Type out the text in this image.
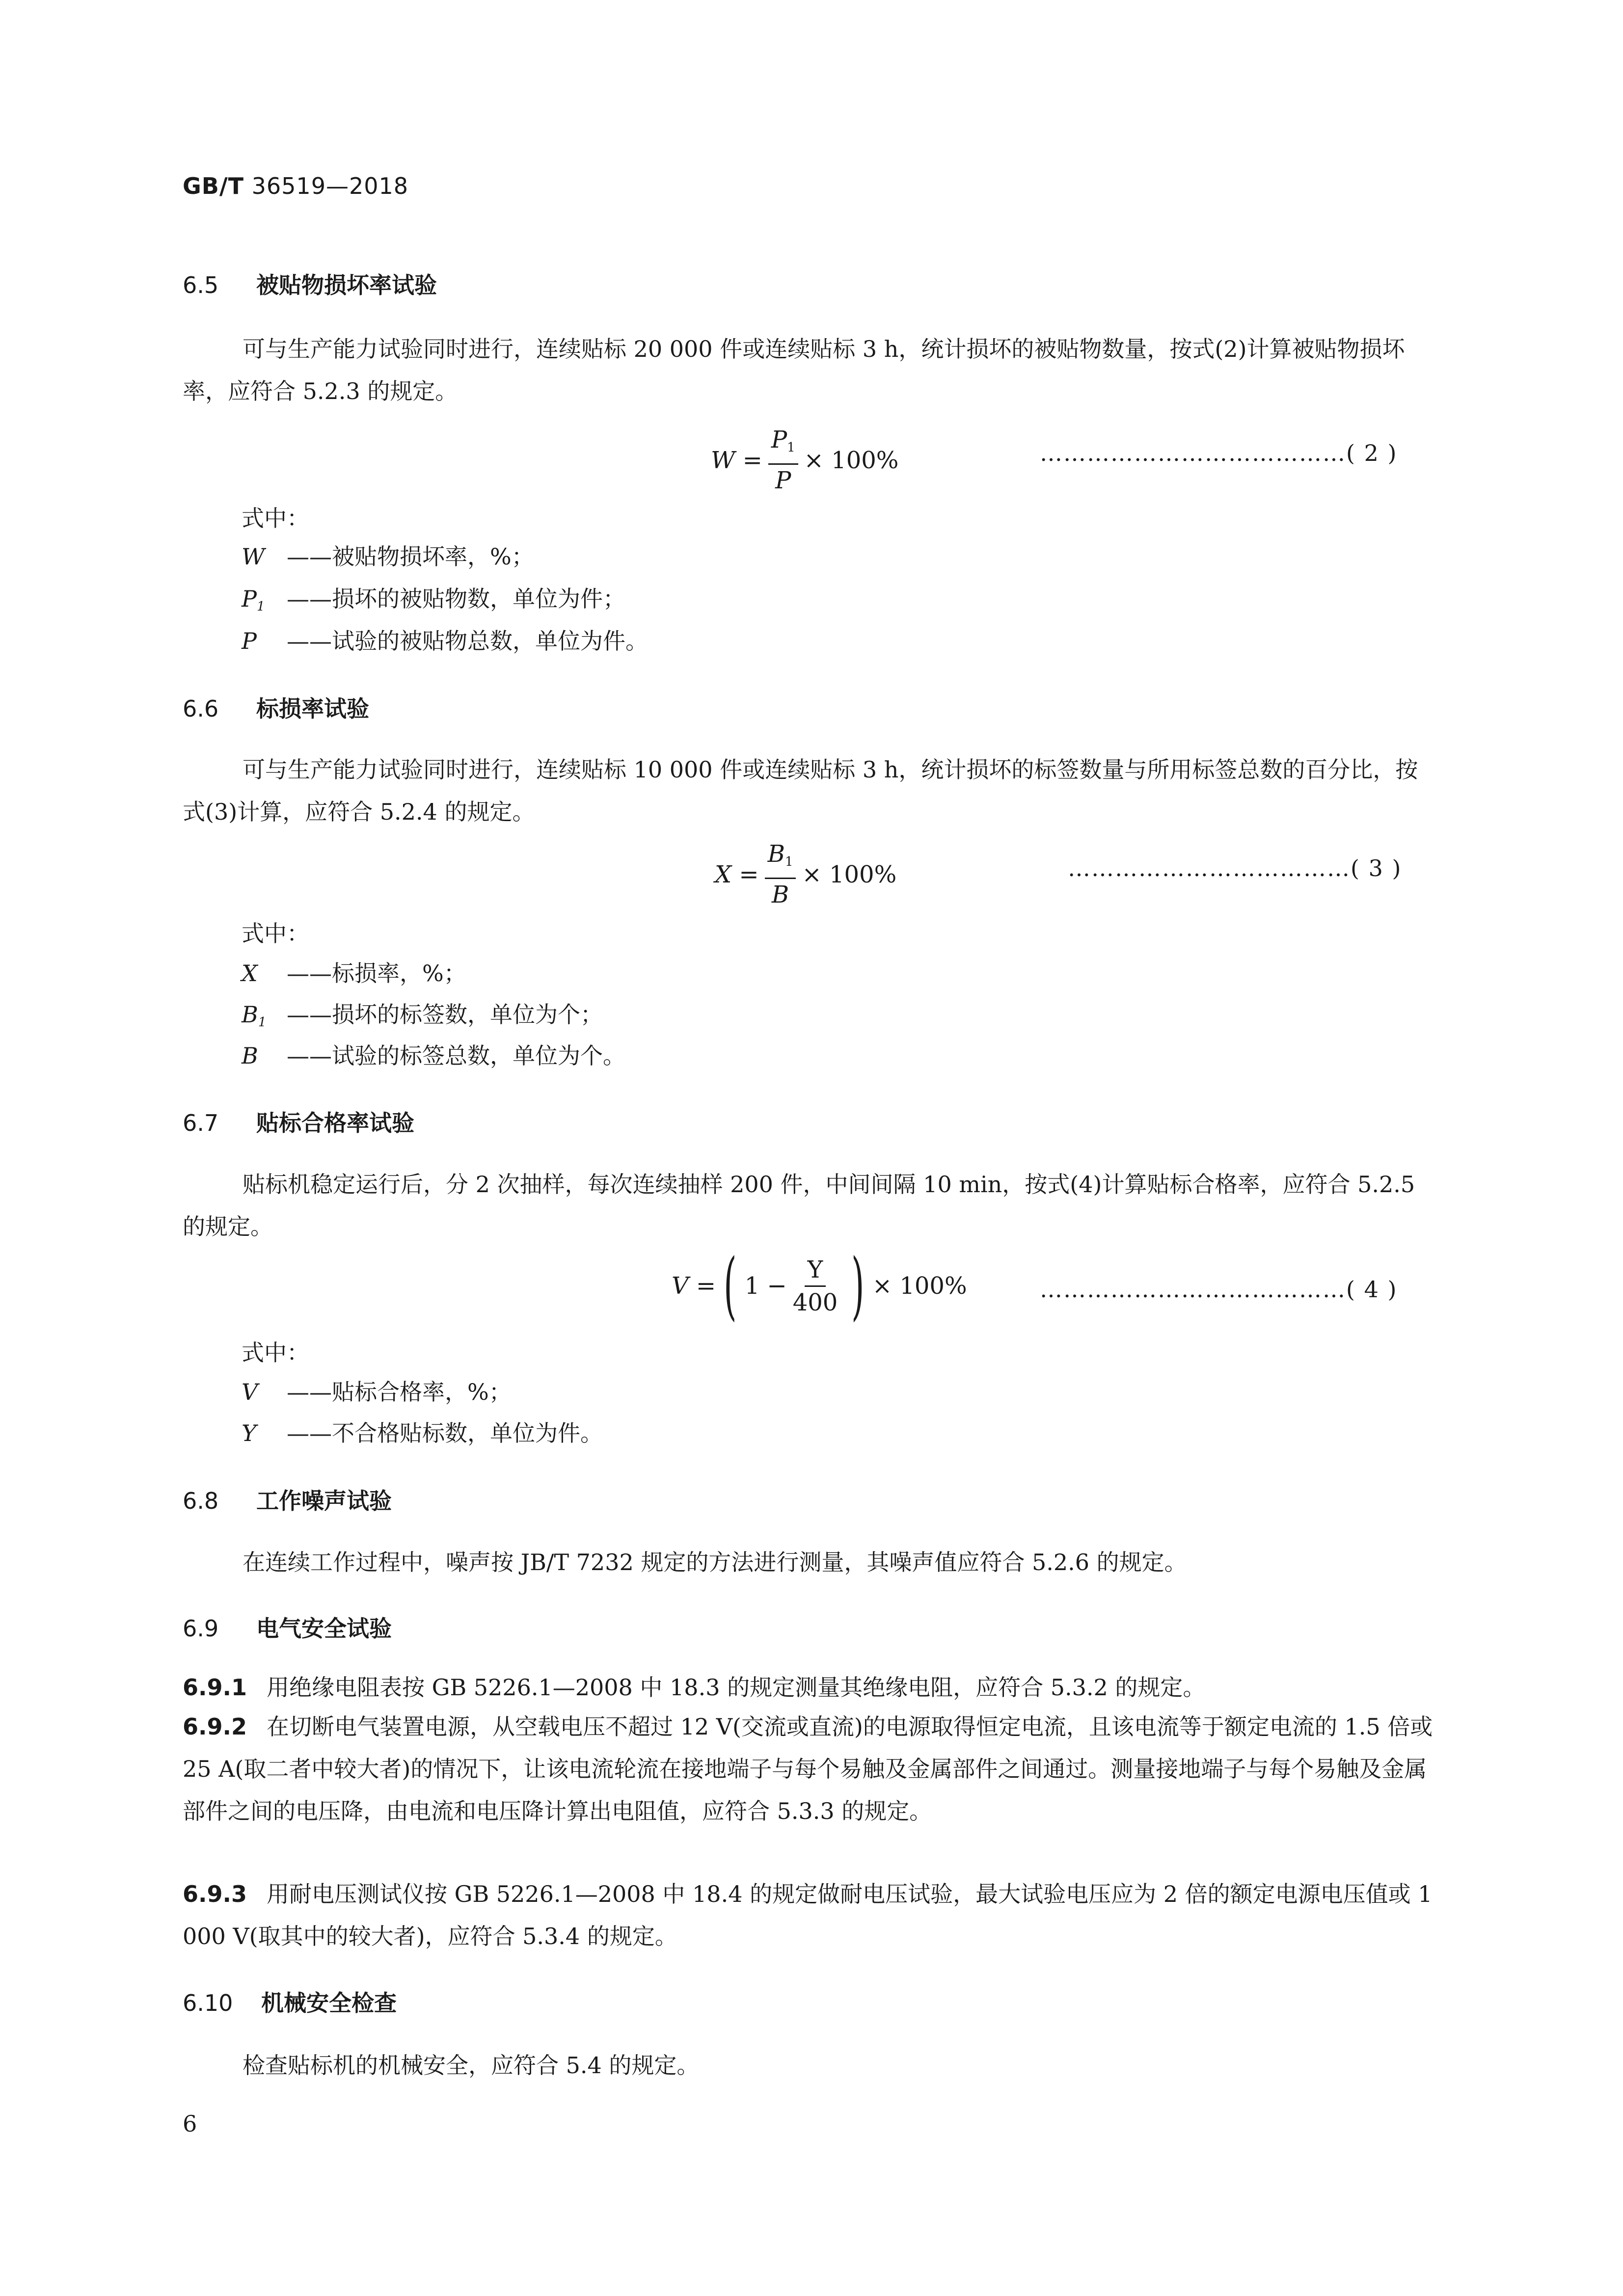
GB/T 36519—2018
6.5 被贴物损坏率试验

可与生产能力试验同时进行，连续贴标 20 000 件或连续贴标 3 h，统计损坏的被贴物数量，按式(2)计算被贴物损坏率，应符合 5.2.3 的规定。

$W = \frac{P_1}{P} \times 100\%$	…………………………………( 2 )
式中：
W ——被贴物损坏率，%；
$P_1$ ——损坏的被贴物数，单位为件；
P ——试验的被贴物总数，单位为件。
6.6 标损率试验

可与生产能力试验同时进行，连续贴标 10 000 件或连续贴标 3 h，统计损坏的标签数量与所用标签总数的百分比，按式(3)计算，应符合 5.2.4 的规定。

$X = \frac{B_1}{B} \times 100\%$	………………………………( 3 )
式中：
X ——标损率，%；
$B_1$ ——损坏的标签数，单位为个；
B ——试验的标签总数，单位为个。
6.7 贴标合格率试验

贴标机稳定运行后，分 2 次抽样，每次连续抽样 200 件，中间间隔 10 min，按式(4)计算贴标合格率，应符合 5.2.5 的规定。

V = ( $1 - \frac{Y}{400}$ ) × 100%	…………………………………( 4 )
式中：
V ——贴标合格率，%；
Y ——不合格贴标数，单位为件。
6.8 工作噪声试验

在连续工作过程中，噪声按 JB/T 7232 规定的方法进行测量，其噪声值应符合 5.2.6 的规定。

6.9 电气安全试验

6.9.1 用绝缘电阻表按 GB 5226.1—2008 中 18.3 的规定测量其绝缘电阻，应符合 5.3.2 的规定。

6.9.2 在切断电气装置电源，从空载电压不超过 12 V(交流或直流)的电源取得恒定电流，且该电流等于额定电流的 1.5 倍或 25 A(取二者中较大者)的情况下，让该电流轮流在接地端子与每个易触及金属部件之间通过。测量接地端子与每个易触及金属部件之间的电压降，由电流和电压降计算出电阻值，应符合 5.3.3 的规定。

6.9.3 用耐电压测试仪按 GB 5226.1—2008 中 18.4 的规定做耐电压试验，最大试验电压应为 2 倍的额定电源电压值或 1 000 V(取其中的较大者)，应符合 5.3.4 的规定。

6.10 机械安全检查

检查贴标机的机械安全，应符合 5.4 的规定。

6
